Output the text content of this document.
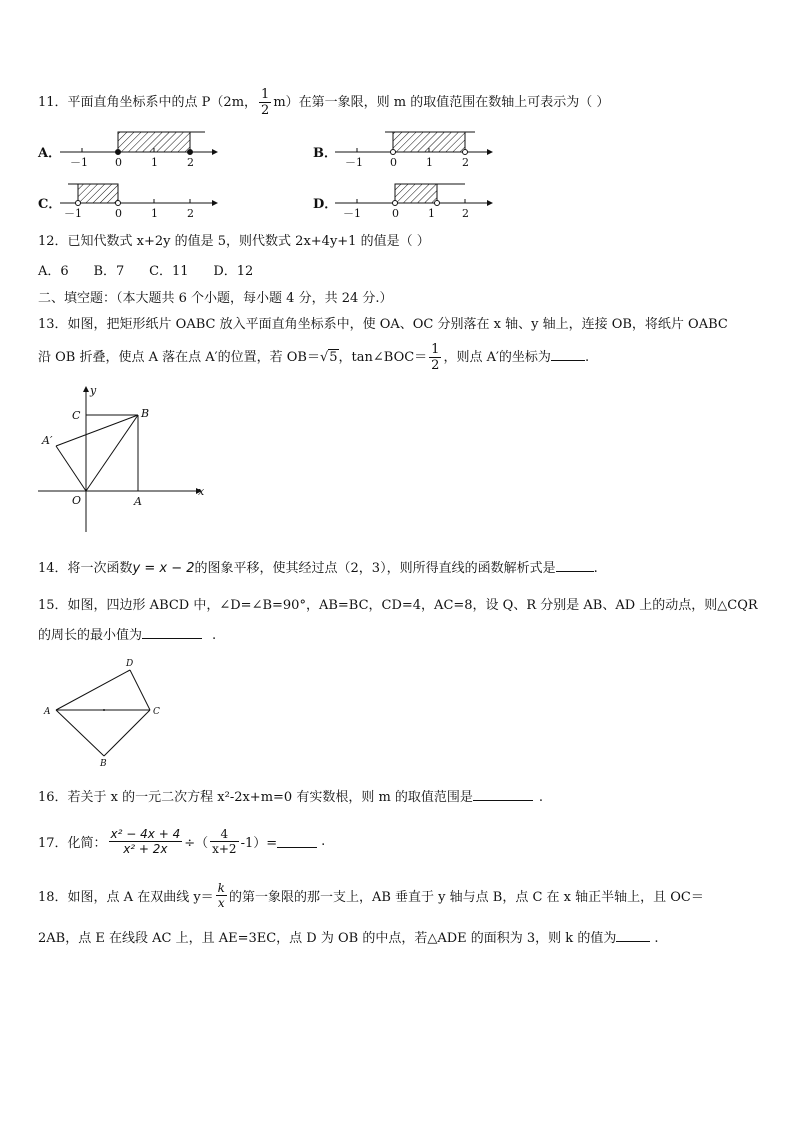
11．平面直角坐标系中的点 P（2m， $\frac{1}{2} m$）在第一象限，则 m 的取值范围在数轴上可表示为（ ）
A．
－1 0	1	2
B．
－1 0	1	2
C．
－1	0	1	2
D．
－1	0	1 2
12．已知代数式 x+2y 的值是 5，则代数式 2x+4y+1 的值是（ ）
A．6      B．7      C．11      D．12
二、填空题：（本大题共 6 个小题，每小题 4 分，共 24 分.）
13．如图，把矩形纸片 OABC 放入平面直角坐标系中，使 OA、OC 分别落在 x 轴、y 轴上，连接 OB，将纸片 OABC
沿 OB 折叠，使点 A 落在点 A′的位置，若 OB＝√5，tan∠BOC＝ $\frac{1}{2}$ ，则点 A′的坐标为	.
y
x
C	B
A′
O	A
14．将一次函数y = x − 2的图象平移，使其经过点（2，3），则所得直线的函数解析式是	.
15．如图，四边形 ABCD 中，∠D=∠B=90°，AB=BC，CD=4，AC=8，设 Q、R 分别是 AB、AD 上的动点，则△CQR
的周长的最小值为	.
D
A	C
B
16．若关于 x 的一元二次方程 x²-2x+m=0 有实数根，则 m 的取值范围是	.
17．化简： $\frac{\text{x² − 4x + 4}}{\text{x² + 2x}}$ ÷（ $\frac{4}{x+2} -1)=$	.
18．如图，点 A 在双曲线 $y= \frac{k}{x}$ 的第一象限的那一支上，AB 垂直于 y 轴与点 B，点 C 在 x 轴正半轴上，且 OC＝
2AB，点 E 在线段 AC 上，且 AE=3EC，点 D 为 OB 的中点，若△ADE 的面积为 3，则 k 的值为	.
